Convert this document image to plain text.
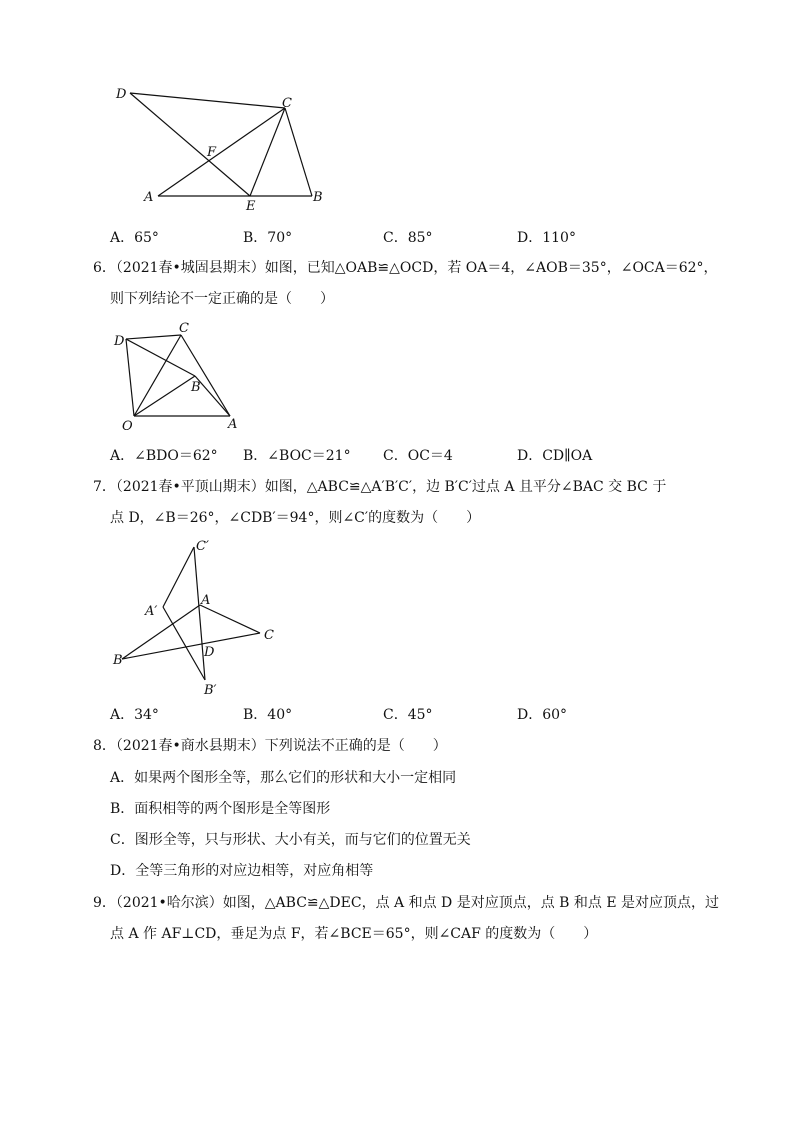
D
C
F
A
E
B
A．65°	B．70°	C．85°	D．110°
6．（2021春•城固县期末）如图，已知△OAB≌△OCD，若 OA＝4，∠AOB＝35°，∠OCA＝62°，
则下列结论不一定正确的是（　　）
D
C
B
O	A
A．∠BDO＝62° B．∠BOC＝21° C．OC＝4	D．CD∥OA
7．（2021春•平顶山期末）如图，△ABC≌△A′B′C′，边 B′C′过点 A 且平分∠BAC 交 BC 于
点 D，∠B＝26°，∠CDB′＝94°，则∠C′的度数为（　　）
C′
A′
A
C
B
D
B′
A．34°	B．40°	C．45°	D．60°
8．（2021春•商水县期末）下列说法不正确的是（　　）
A．如果两个图形全等，那么它们的形状和大小一定相同
B．面积相等的两个图形是全等图形
C．图形全等，只与形状、大小有关，而与它们的位置无关
D．全等三角形的对应边相等，对应角相等
9．（2021•哈尔滨）如图，△ABC≌△DEC，点 A 和点 D 是对应顶点，点 B 和点 E 是对应顶点，过
点 A 作 AF⊥CD，垂足为点 F，若∠BCE＝65°，则∠CAF 的度数为（　　）
